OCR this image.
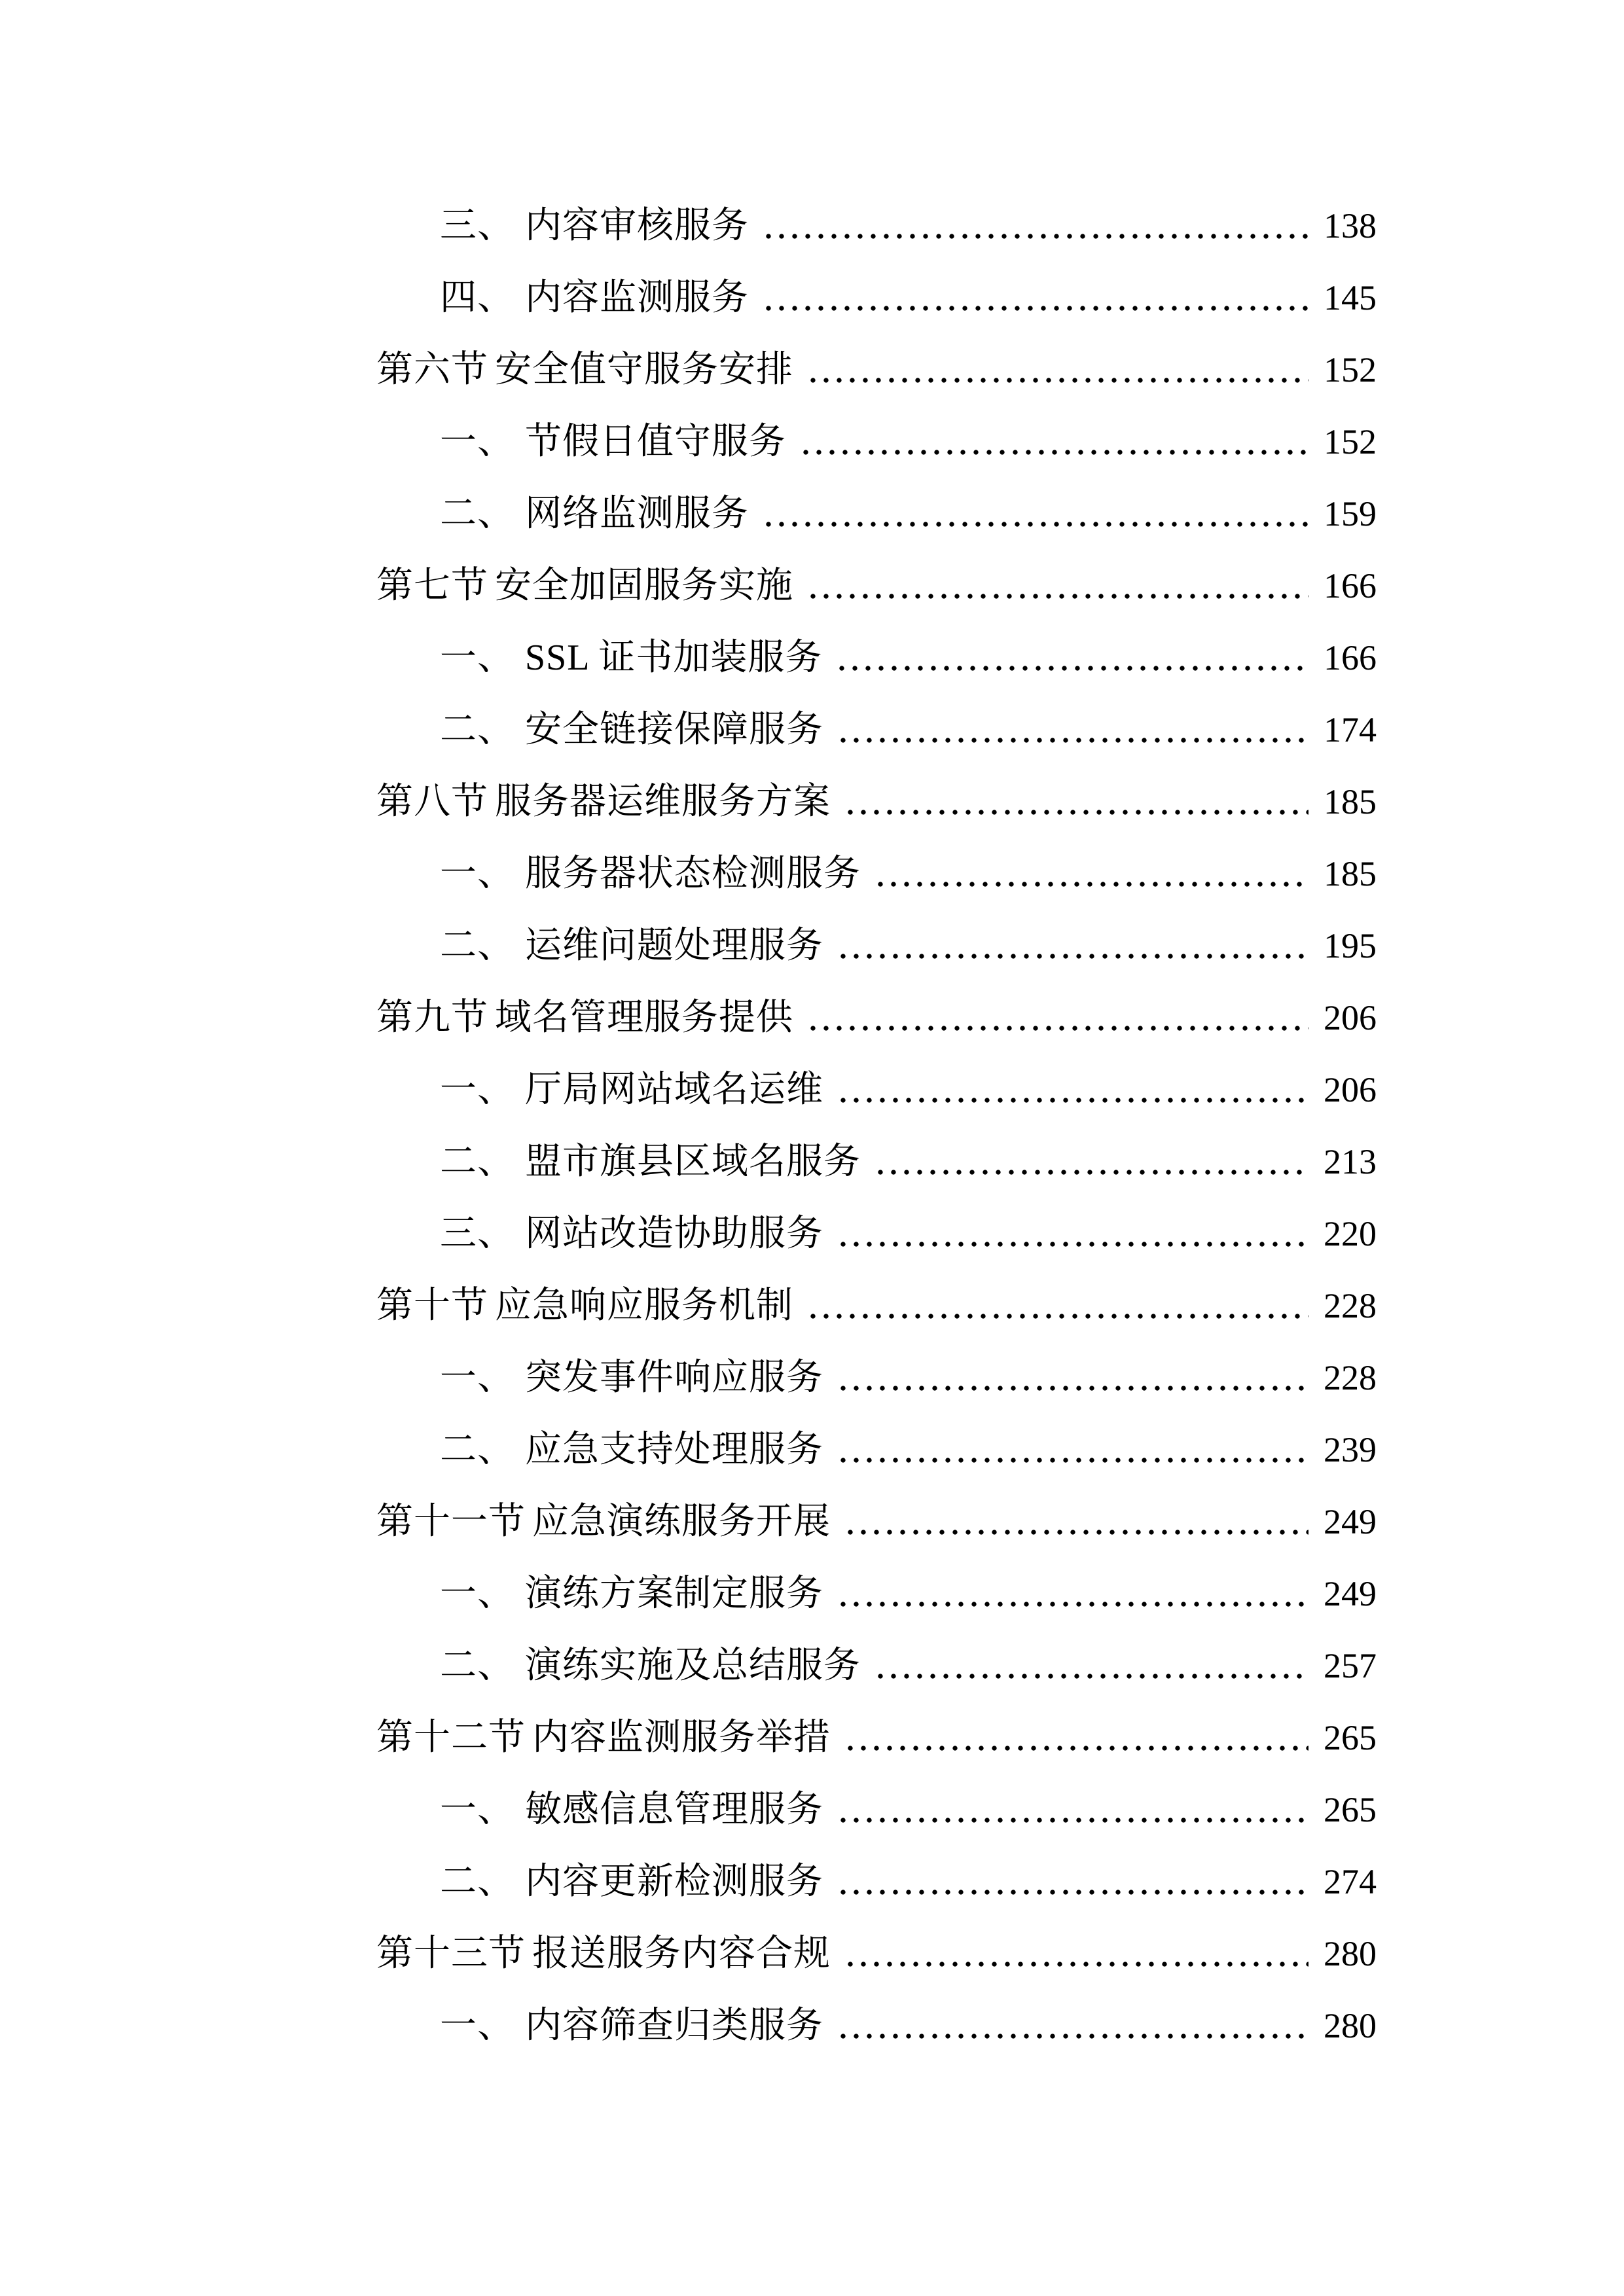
三、 内容审核服务	138
四、 内容监测服务	145
第六节 安全值守服务安排	152
一、 节假日值守服务	152
二、 网络监测服务	159
第七节 安全加固服务实施	166
一、 SSL 证书加装服务	166
二、 安全链接保障服务	174
第八节 服务器运维服务方案	185
一、 服务器状态检测服务	185
二、 运维问题处理服务	195
第九节 域名管理服务提供	206
一、 厅局网站域名运维	206
二、 盟市旗县区域名服务	213
三、 网站改造协助服务	220
第十节 应急响应服务机制	228
一、 突发事件响应服务	228
二、 应急支持处理服务	239
第十一节 应急演练服务开展	249
一、 演练方案制定服务	249
二、 演练实施及总结服务	257
第十二节 内容监测服务举措	265
一、 敏感信息管理服务	265
二、 内容更新检测服务	274
第十三节 报送服务内容合规	280
一、 内容筛查归类服务	280
